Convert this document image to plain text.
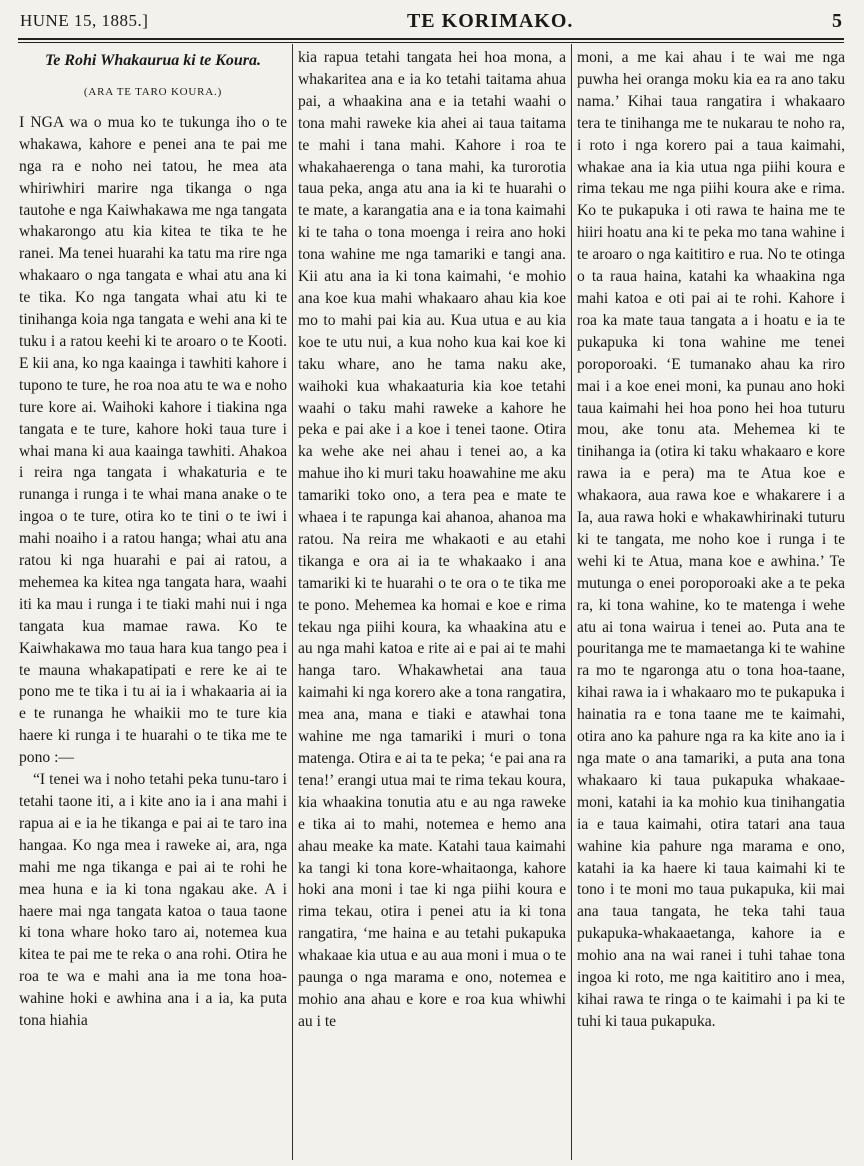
HUNE 15, 1885.]	TE KORIMAKO.	5
Te Rohi Whakaurua ki te Koura.
(ARA TE TARO KOURA.)

I NGA wa o mua ko te tukunga iho o te whakawa, kahore e penei ana te pai me nga ra e noho nei tatou, he mea ata whiriwhiri marire nga tikanga o nga tautohe e nga Kaiwhakawa me nga tangata whakarongo atu kia kitea te tika te he ranei. Ma tenei huarahi ka tatu ma rire nga whakaaro o nga tangata e whai atu ana ki te tika. Ko nga tangata whai atu ki te tinihanga koia nga tangata e wehi ana ki te tuku i a ratou keehi ki te aroaro o te Kooti. E kii ana, ko nga kaainga i tawhiti kahore i tupono te ture, he roa noa atu te wa e noho ture kore ai. Waihoki kahore i tiakina nga tangata e te ture, kahore hoki taua ture i whai mana ki aua kaainga tawhiti. Ahakoa i reira nga tangata i whakaturia e te runanga i runga i te whai mana anake o te ingoa o te ture, otira ko te tini o te iwi i mahi noaiho i a ratou hanga; whai atu ana ratou ki nga huarahi e pai ai ratou, a mehemea ka kitea nga tangata hara, waahi iti ka mau i runga i te tiaki mahi nui i nga tangata kua mamae rawa. Ko te Kaiwhakawa mo taua hara kua tango pea i te mauna whakapatipati e rere ke ai te pono me te tika i tu ai ia i whakaaria ai ia e te runanga he whaikii mo te ture kia haere ki runga i te huarahi o te tika me te pono :—

“I tenei wa i noho tetahi peka tunu-taro i tetahi taone iti, a i kite ano ia i ana mahi i rapua ai e ia he tikanga e pai ai te taro ina hangaa. Ko nga mea i raweke ai, ara, nga mahi me nga tikanga e pai ai te rohi he mea huna e ia ki tona ngakau ake. A i haere mai nga tangata katoa o taua taone ki tona whare hoko taro ai, notemea kua kitea te pai me te reka o ana rohi. Otira he roa te wa e mahi ana ia me tona hoa-wahine hoki e awhina ana i a ia, ka puta tona hiahia

kia rapua tetahi tangata hei hoa mona, a whakaritea ana e ia ko tetahi taitama ahua pai, a whaakina ana e ia tetahi waahi o tona mahi raweke kia ahei ai taua taitama te mahi i tana mahi. Kahore i roa te whakahaerenga o tana mahi, ka turorotia taua peka, anga atu ana ia ki te huarahi o te mate, a karangatia ana e ia tona kaimahi ki te taha o tona moenga i reira ano hoki tona wahine me nga tamariki e tangi ana. Kii atu ana ia ki tona kaimahi, ‘e mohio ana koe kua mahi whakaaro ahau kia koe mo to mahi pai kia au. Kua utua e au kia koe te utu nui, a kua noho kua kai koe ki taku whare, ano he tama naku ake, waihoki kua whakaaturia kia koe tetahi waahi o taku mahi raweke a kahore he peka e pai ake i a koe i tenei taone. Otira ka wehe ake nei ahau i tenei ao, a ka mahue iho ki muri taku hoawahine me aku tamariki toko ono, a tera pea e mate te whaea i te rapunga kai ahanoa, ahanoa ma ratou. Na reira me whakaoti e au etahi tikanga e ora ai ia te whakaako i ana tamariki ki te huarahi o te ora o te tika me te pono. Mehemea ka homai e koe e rima tekau nga piihi koura, ka whaakina atu e au nga mahi katoa e rite ai e pai ai te mahi hanga taro. Whakawhetai ana taua kaimahi ki nga korero ake a tona rangatira, mea ana, mana e tiaki e atawhai tona wahine me nga tamariki i muri o tona matenga. Otira e ai ta te peka; ‘e pai ana ra tena!’ erangi utua mai te rima tekau koura, kia whaakina tonutia atu e au nga raweke e tika ai to mahi, notemea e hemo ana ahau meake ka mate. Katahi taua kaimahi ka tangi ki tona kore-whaitaonga, kahore hoki ana moni i tae ki nga piihi koura e rima tekau, otira i penei atu ia ki tona rangatira, ‘me haina e au tetahi pukapuka whakaae kia utua e au aua moni i mua o te paunga o nga marama e ono, notemea e mohio ana ahau e kore e roa kua whiwhi au i te

moni, a me kai ahau i te wai me nga puwha hei oranga moku kia ea ra ano taku nama.’ Kihai taua rangatira i whakaaro tera te tinihanga me te nukarau te noho ra, i roto i nga korero pai a taua kaimahi, whakae ana ia kia utua nga piihi koura e rima tekau me nga piihi koura ake e rima. Ko te pukapuka i oti rawa te haina me te hiiri hoatu ana ki te peka mo tana wahine i te aroaro o nga kaititiro e rua. No te otinga o ta raua haina, katahi ka whaakina nga mahi katoa e oti pai ai te rohi. Kahore i roa ka mate taua tangata a i hoatu e ia te pukapuka ki tona wahine me tenei poroporoaki. ‘E tumanako ahau ka riro mai i a koe enei moni, ka punau ano hoki taua kaimahi hei hoa pono hei hoa tuturu mou, ake tonu ata. Mehemea ki te tinihanga ia (otira ki taku whakaaro e kore rawa ia e pera) ma te Atua koe e whakaora, aua rawa koe e whakarere i a Ia, aua rawa hoki e whakawhirinaki tuturu ki te tangata, me noho koe i runga i te wehi ki te Atua, mana koe e awhina.’ Te mutunga o enei poroporoaki ake a te peka ra, ki tona wahine, ko te matenga i wehe atu ai tona wairua i tenei ao. Puta ana te pouritanga me te mamaetanga ki te wahine ra mo te ngaronga atu o tona hoa-taane, kihai rawa ia i whakaaro mo te pukapuka i hainatia ra e tona taane me te kaimahi, otira ano ka pahure nga ra ka kite ano ia i nga mate o ana tamariki, a puta ana tona whakaaro ki taua pukapuka whakaae-moni, katahi ia ka mohio kua tinihangatia ia e taua kaimahi, otira tatari ana taua wahine kia pahure nga marama e ono, katahi ia ka haere ki taua kaimahi ki te tono i te moni mo taua pukapuka, kii mai ana taua tangata, he teka tahi taua pukapuka-whakaaetanga, kahore ia e mohio ana na wai ranei i tuhi tahae tona ingoa ki roto, me nga kaititiro ano i mea, kihai rawa te ringa o te kaimahi i pa ki te tuhi ki taua pukapuka.
